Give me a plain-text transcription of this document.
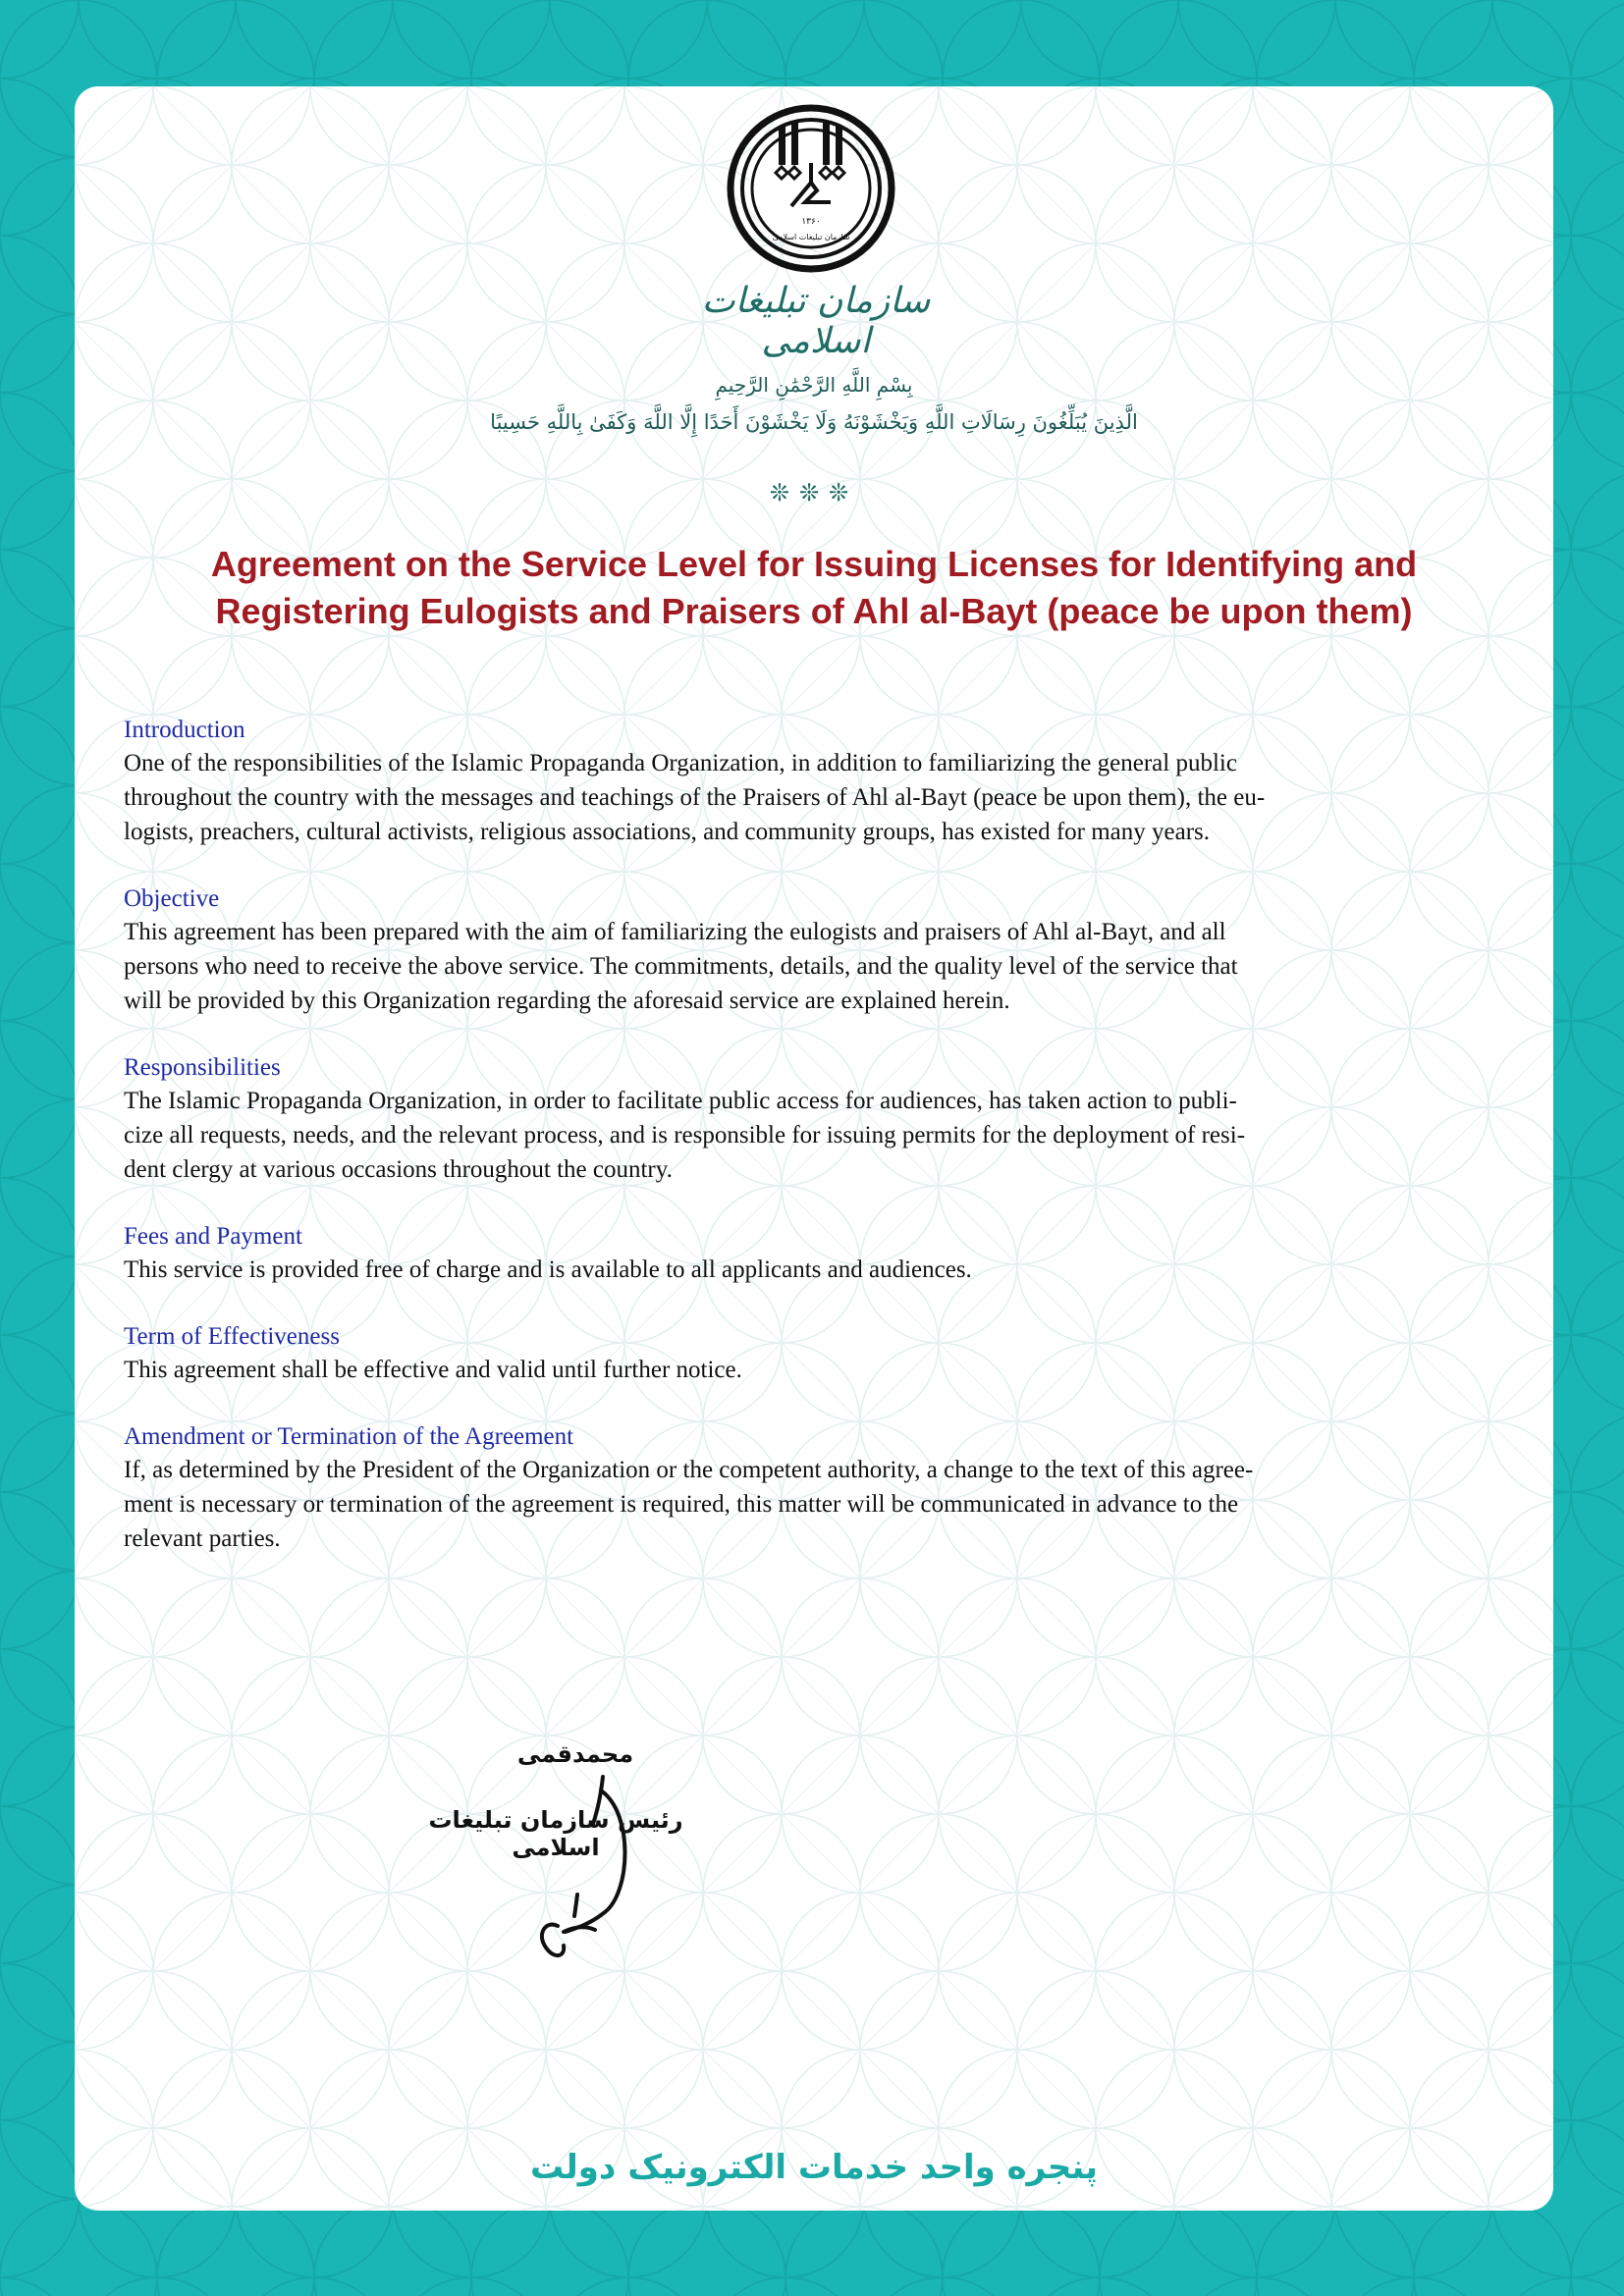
۱۳۶۰
سازمان تبلیغات اسلامی
سازمان تبلیغات اسلامی
بِسْمِ اللَّهِ الرَّحْمَٰنِ الرَّحِيمِ
الَّذِينَ يُبَلِّغُونَ رِسَالَاتِ اللَّهِ وَيَخْشَوْنَهُ وَلَا يَخْشَوْنَ أَحَدًا إِلَّا اللَّهَ وَكَفَىٰ بِاللَّهِ حَسِيبًا
❊❊❊
Agreement on the Service Level for Issuing Licenses for Identifying and
Registering Eulogists and Praisers of Ahl al-Bayt (peace be upon them)
Introduction

One of the responsibilities of the Islamic Propaganda Organization, in addition to familiarizing the general public
throughout the country with the messages and teachings of the Praisers of Ahl al-Bayt (peace be upon them), the eu-
logists, preachers, cultural activists, religious associations, and community groups, has existed for many years.

Objective

This agreement has been prepared with the aim of familiarizing the eulogists and praisers of Ahl al-Bayt, and all
persons who need to receive the above service. The commitments, details, and the quality level of the service that
will be provided by this Organization regarding the aforesaid service are explained herein.

Responsibilities

The Islamic Propaganda Organization, in order to facilitate public access for audiences, has taken action to publi-
cize all requests, needs, and the relevant process, and is responsible for issuing permits for the deployment of resi-
dent clergy at various occasions throughout the country.

Fees and Payment

This service is provided free of charge and is available to all applicants and audiences.

Term of Effectiveness

This agreement shall be effective and valid until further notice.

Amendment or Termination of the Agreement

If, as determined by the President of the Organization or the competent authority, a change to the text of this agree-
ment is necessary or termination of the agreement is required, this matter will be communicated in advance to the
relevant parties.

محمدقمی
رئیس سازمان تبلیغات اسلامی
پنجره واحد خدمات الکترونیک دولت
